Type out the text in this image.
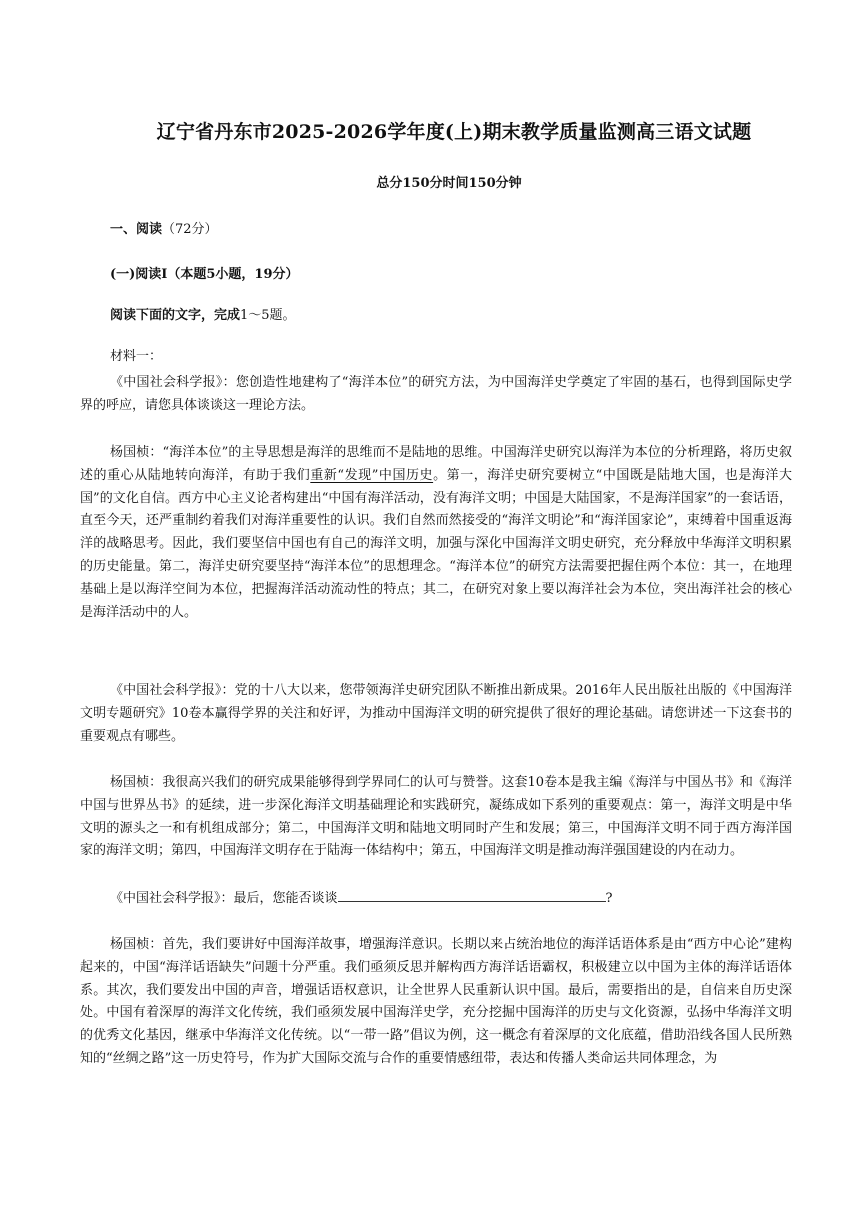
辽宁省丹东市2025-2026学年度(上)期末教学质量监测高三语文试题
总分150分时间150分钟
一、阅读（72分）
(一)阅读Ⅰ（本题5小题，19分）
阅读下面的文字，完成1～5题。
材料一：

《中国社会科学报》：您创造性地建构了“海洋本位”的研究方法，为中国海洋史学奠定了牢固的基石，也得到国际史学界的呼应，请您具体谈谈这一理论方法。

杨国桢：“海洋本位”的主导思想是海洋的思维而不是陆地的思维。中国海洋史研究以海洋为本位的分析理路，将历史叙述的重心从陆地转向海洋，有助于我们重新“发现”中国历史。第一，海洋史研究要树立“中国既是陆地大国，也是海洋大国”的文化自信。西方中心主义论者构建出“中国有海洋活动，没有海洋文明；中国是大陆国家，不是海洋国家”的一套话语，直至今天，还严重制约着我们对海洋重要性的认识。我们自然而然接受的“海洋文明论”和“海洋国家论”，束缚着中国重返海洋的战略思考。因此，我们要坚信中国也有自己的海洋文明，加强与深化中国海洋文明史研究，充分释放中华海洋文明积累的历史能量。第二，海洋史研究要坚持“海洋本位”的思想理念。“海洋本位”的研究方法需要把握住两个本位：其一，在地理基础上是以海洋空间为本位，把握海洋活动流动性的特点；其二，在研究对象上要以海洋社会为本位，突出海洋社会的核心是海洋活动中的人。

《中国社会科学报》：党的十八大以来，您带领海洋史研究团队不断推出新成果。2016年人民出版社出版的《中国海洋文明专题研究》10卷本赢得学界的关注和好评，为推动中国海洋文明的研究提供了很好的理论基础。请您讲述一下这套书的重要观点有哪些。

杨国桢：我很高兴我们的研究成果能够得到学界同仁的认可与赞誉。这套10卷本是我主编《海洋与中国丛书》和《海洋中国与世界丛书》的延续，进一步深化海洋文明基础理论和实践研究，凝练成如下系列的重要观点：第一，海洋文明是中华文明的源头之一和有机组成部分；第二，中国海洋文明和陆地文明同时产生和发展；第三，中国海洋文明不同于西方海洋国家的海洋文明；第四，中国海洋文明存在于陆海一体结构中；第五，中国海洋文明是推动海洋强国建设的内在动力。

《中国社会科学报》：最后，您能否谈谈	?

杨国桢：首先，我们要讲好中国海洋故事，增强海洋意识。长期以来占统治地位的海洋话语体系是由“西方中心论”建构起来的，中国“海洋话语缺失”问题十分严重。我们亟须反思并解构西方海洋话语霸权，积极建立以中国为主体的海洋话语体系。其次，我们要发出中国的声音，增强话语权意识，让全世界人民重新认识中国。最后，需要指出的是，自信来自历史深处。中国有着深厚的海洋文化传统，我们亟须发展中国海洋史学，充分挖掘中国海洋的历史与文化资源，弘扬中华海洋文明的优秀文化基因，继承中华海洋文化传统。以“一带一路”倡议为例，这一概念有着深厚的文化底蕴，借助沿线各国人民所熟知的“丝绸之路”这一历史符号，作为扩大国际交流与合作的重要情感纽带，表达和传播人类命运共同体理念，为
